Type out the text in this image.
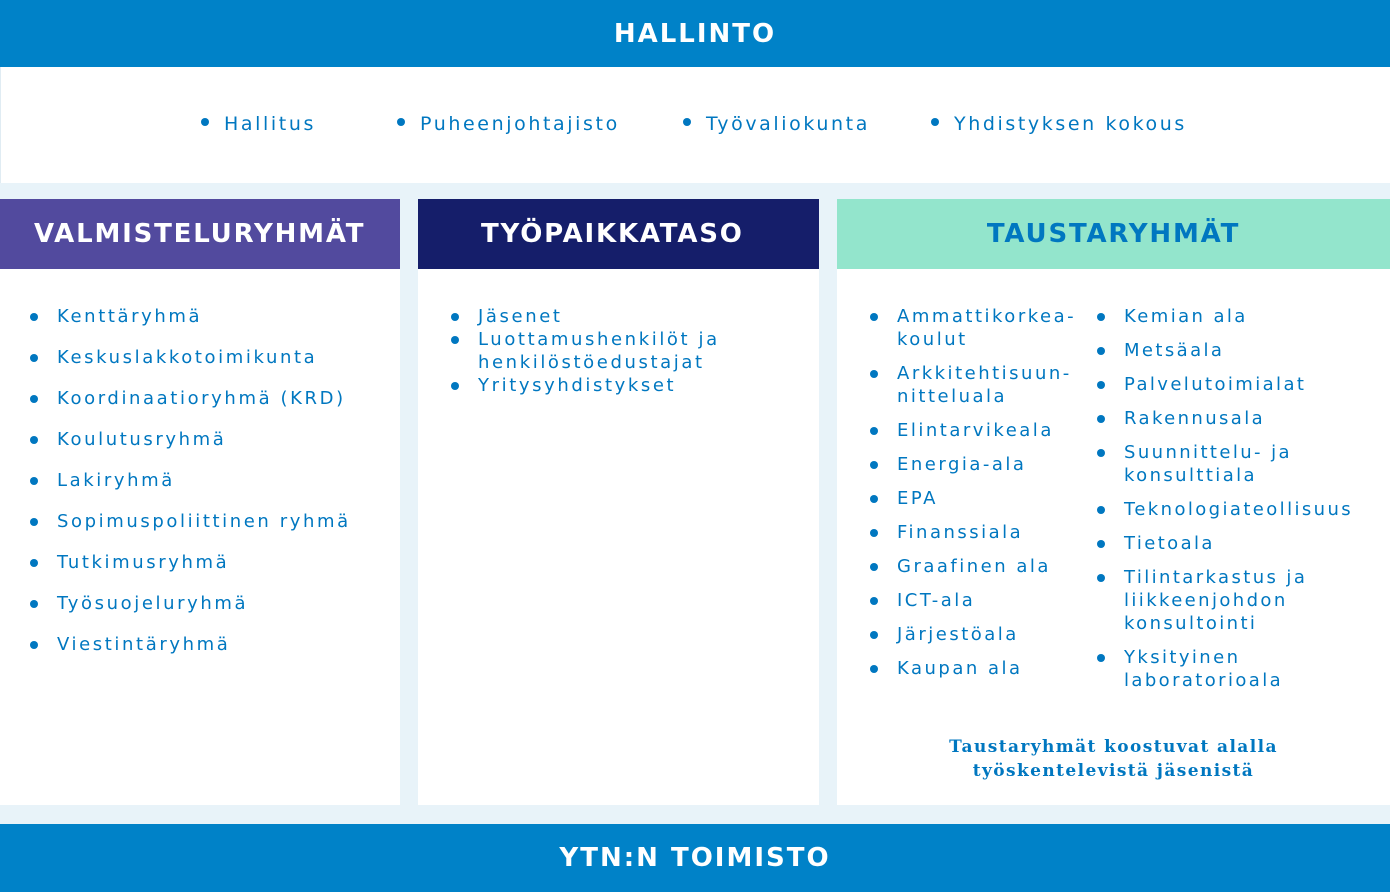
HALLINTO
Hallitus	Puheenjohtajisto	Työvaliokunta	Yhdistyksen kokous
VALMISTELURYHMÄT
Kenttäryhmä
Keskuslakkotoimikunta
Koordinaatioryhmä (KRD)
Koulutusryhmä
Lakiryhmä
Sopimuspoliittinen ryhmä
Tutkimusryhmä
Työsuojeluryhmä
Viestintäryhmä
TYÖPAIKKATASO
Jäsenet
Luottamushenkilöt ja henkilöstöedustajat
Yritysyhdistykset
TAUSTARYHMÄT
Ammattikorkea-
koulut
Arkkitehtisuun-
nitteluala
Elintarvikeala
Energia-ala
EPA
Finanssiala
Graafinen ala
ICT-ala
Järjestöala
Kaupan ala
Kemian ala
Metsäala
Palvelutoimialat
Rakennusala
Suunnittelu- ja
konsulttiala
Teknologiateollisuus
Tietoala
Tilintarkastus ja
liikkeenjohdon
konsultointi
Yksityinen
laboratorioala
Taustaryhmät koostuvat alalla
työskentelevistä jäsenistä
YTN:N TOIMISTO
